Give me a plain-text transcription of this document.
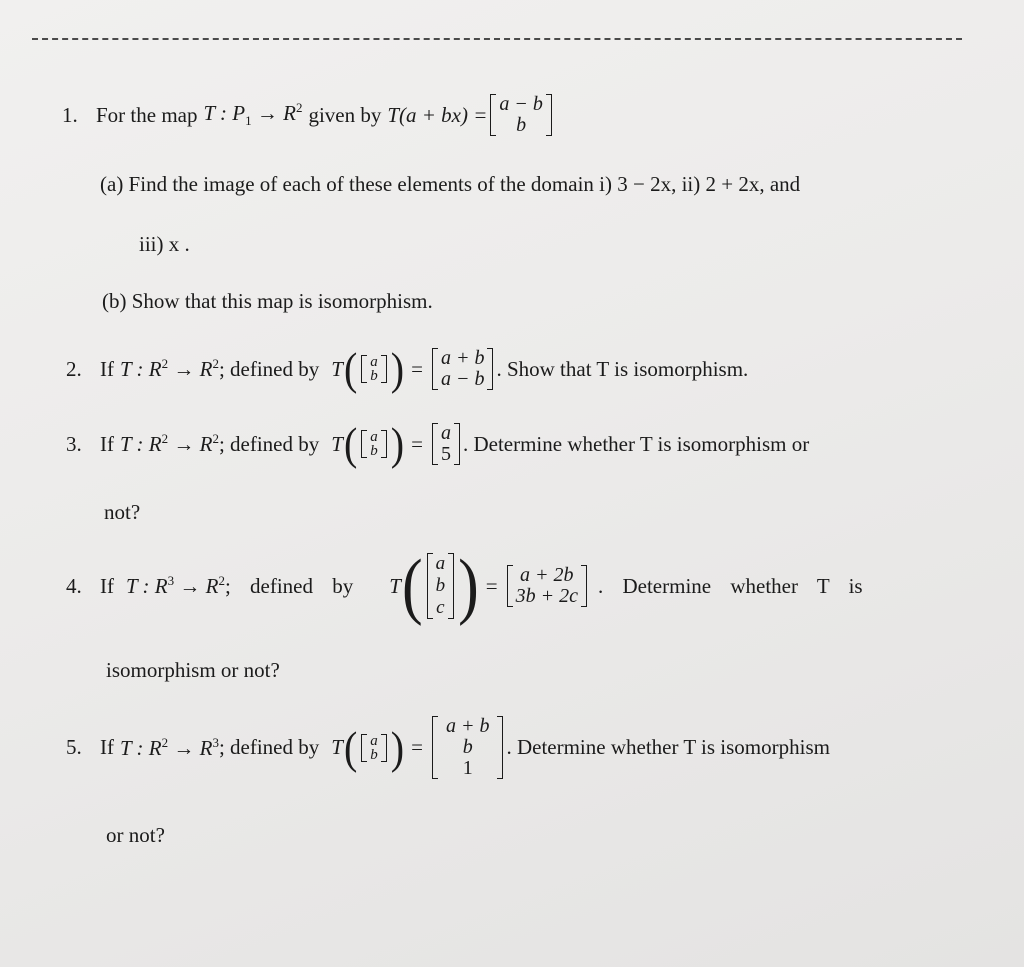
1. For the map T : $P_1 \to R^2$ given by T(a + bx) = a − b
b
(a) Find the image of each of these elements of the domain i) 3 − 2x, ii) 2 + 2x, and
iii) x .
(b) Show that this map is isomorphism.
2. If T : $R^2 \to R^2$ ; defined by T ( a
b ) = a + b
a − b . Show that T is isomorphism.
3. If T : $R^2 \to R^2$ ; defined by T ( a
b ) = a
5 . Determine whether T is isomorphism or
not?
4. If T : $R^3 \to R^2$ ; defined by T ( a
b
c ) = a + 2b
3b + 2c . Determine whether T is
isomorphism or not?
5. If T : $R^2 \to R^3$ ; defined by T ( a
b ) =
a + b
b
1
. Determine whether T is isomorphism
or not?
